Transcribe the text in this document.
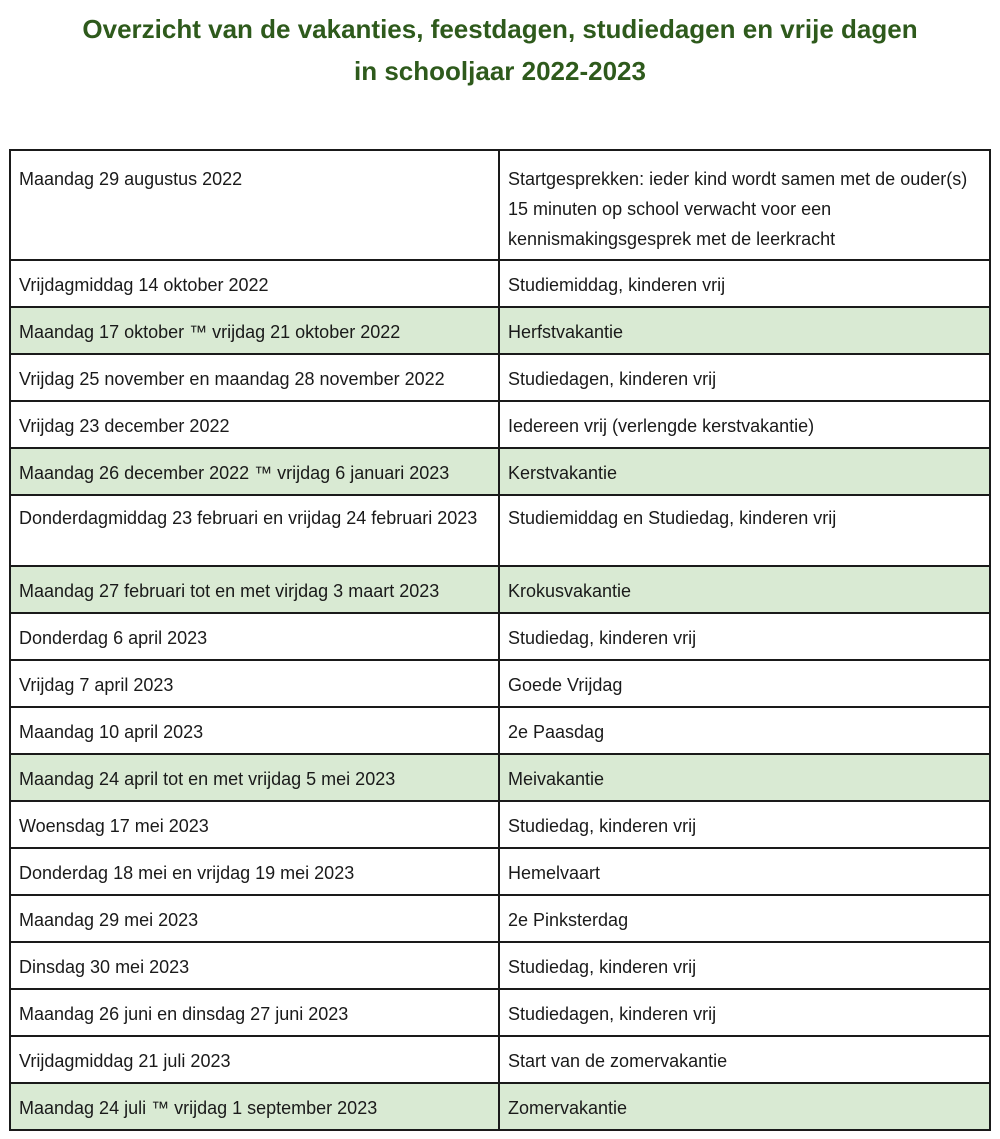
Overzicht van de vakanties, feestdagen, studiedagen en vrije dagen
in schooljaar 2022-2023
Maandag 29 augustus 2022	Startgesprekken: ieder kind wordt samen met de ouder(s) 15 minuten op school verwacht voor een kennismakingsgesprek met de leerkracht
Vrijdagmiddag 14 oktober 2022	Studiemiddag, kinderen vrij
Maandag 17 oktober ™ vrijdag 21 oktober 2022	Herfstvakantie
Vrijdag 25 november en maandag 28 november 2022	Studiedagen, kinderen vrij
Vrijdag 23 december 2022	Iedereen vrij (verlengde kerstvakantie)
Maandag 26 december 2022 ™ vrijdag 6 januari 2023	Kerstvakantie
Donderdagmiddag 23 februari en vrijdag 24 februari 2023	Studiemiddag en Studiedag, kinderen vrij
Maandag 27 februari tot en met virjdag 3 maart 2023	Krokusvakantie
Donderdag 6 april 2023	Studiedag, kinderen vrij
Vrijdag 7 april 2023	Goede Vrijdag
Maandag 10 april 2023	2e Paasdag
Maandag 24 april tot en met vrijdag 5 mei 2023	Meivakantie
Woensdag 17 mei 2023	Studiedag, kinderen vrij
Donderdag 18 mei en vrijdag 19 mei 2023	Hemelvaart
Maandag 29 mei 2023	2e Pinksterdag
Dinsdag 30 mei 2023	Studiedag, kinderen vrij
Maandag 26 juni en dinsdag 27 juni 2023	Studiedagen, kinderen vrij
Vrijdagmiddag 21 juli 2023	Start van de zomervakantie
Maandag 24 juli ™ vrijdag 1 september 2023	Zomervakantie
